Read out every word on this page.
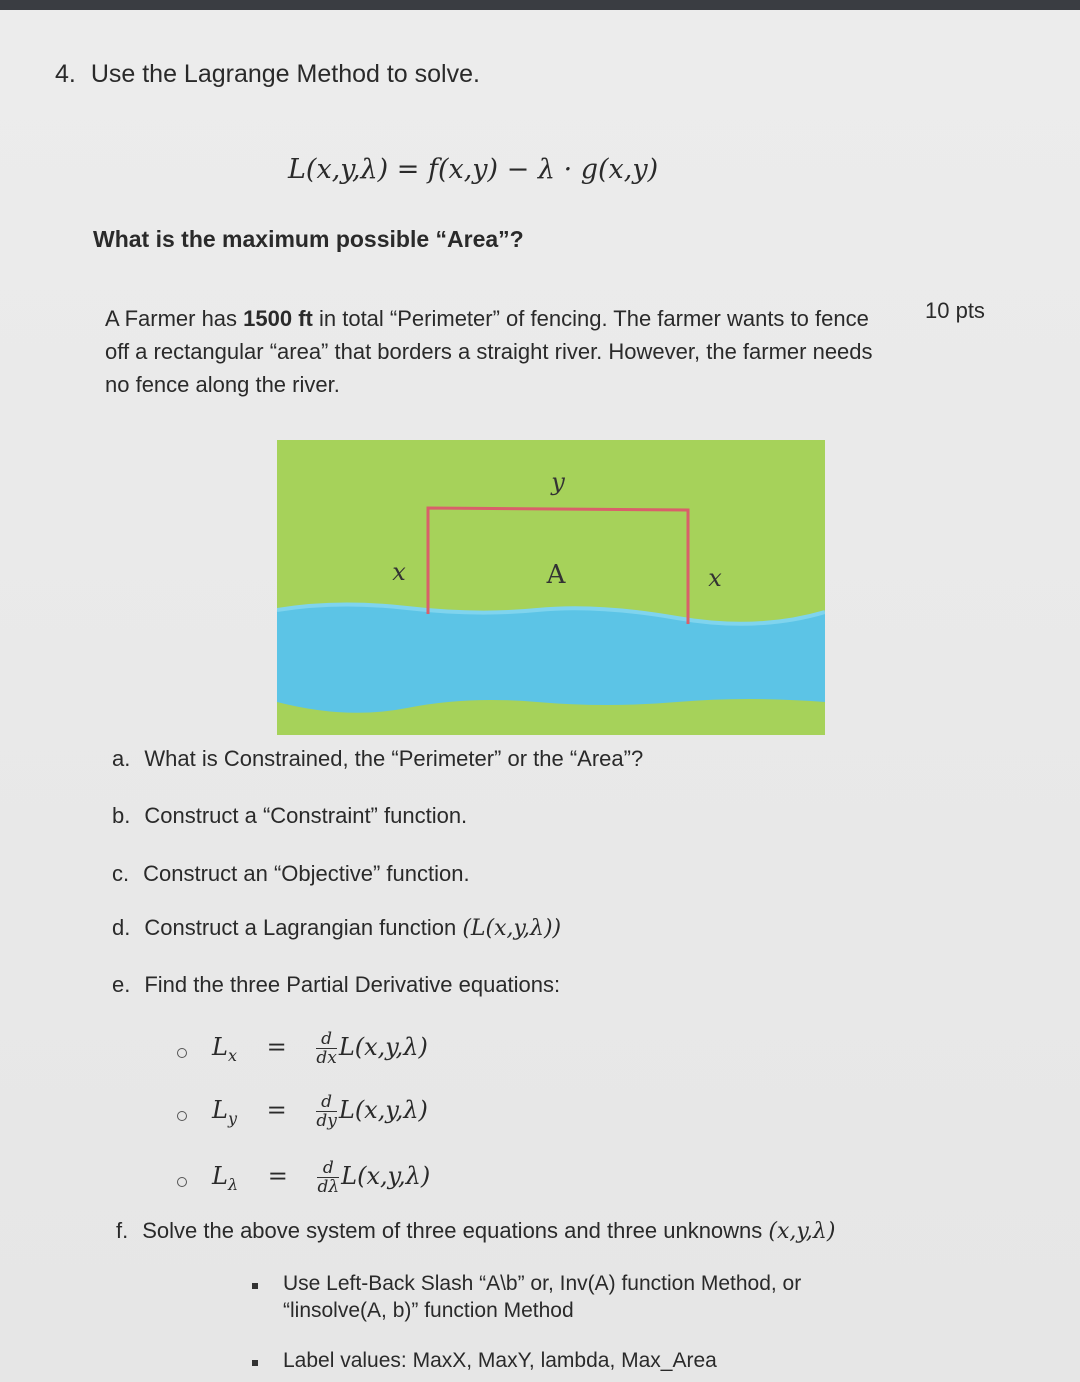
4. Use the Lagrange Method to solve.
L(x,y,λ) = f(x,y) − λ · g(x,y)
What is the maximum possible “Area”?
10 pts

A Farmer has 1500 ft in total “Perimeter” of fencing. The farmer wants to fence

off a rectangular “area” that borders a straight river. However, the farmer needs

no fence along the river.

y
x	A	x
a. What is Constrained, the “Perimeter” or the “Area”?
b. Construct a “Constraint” function.
c. Construct an “Objective” function.
d. Construct a Lagrangian function (L(x,y,λ))
e. Find the three Partial Derivative equations:
$L_x = \frac{d}{dx} L(x,y,\lambda)$
$L_y = \frac{d}{dy} L(x,y,\lambda)$
$L_\lambda = \frac{d}{d\lambda} L(x,y,\lambda)$
f. Solve the above system of three equations and three unknowns (x,y,λ)
Use Left-Back Slash “A\b” or, Inv(A) function Method, or
“linsolve(A, b)” function Method
Label values: MaxX, MaxY, lambda, Max_Area
